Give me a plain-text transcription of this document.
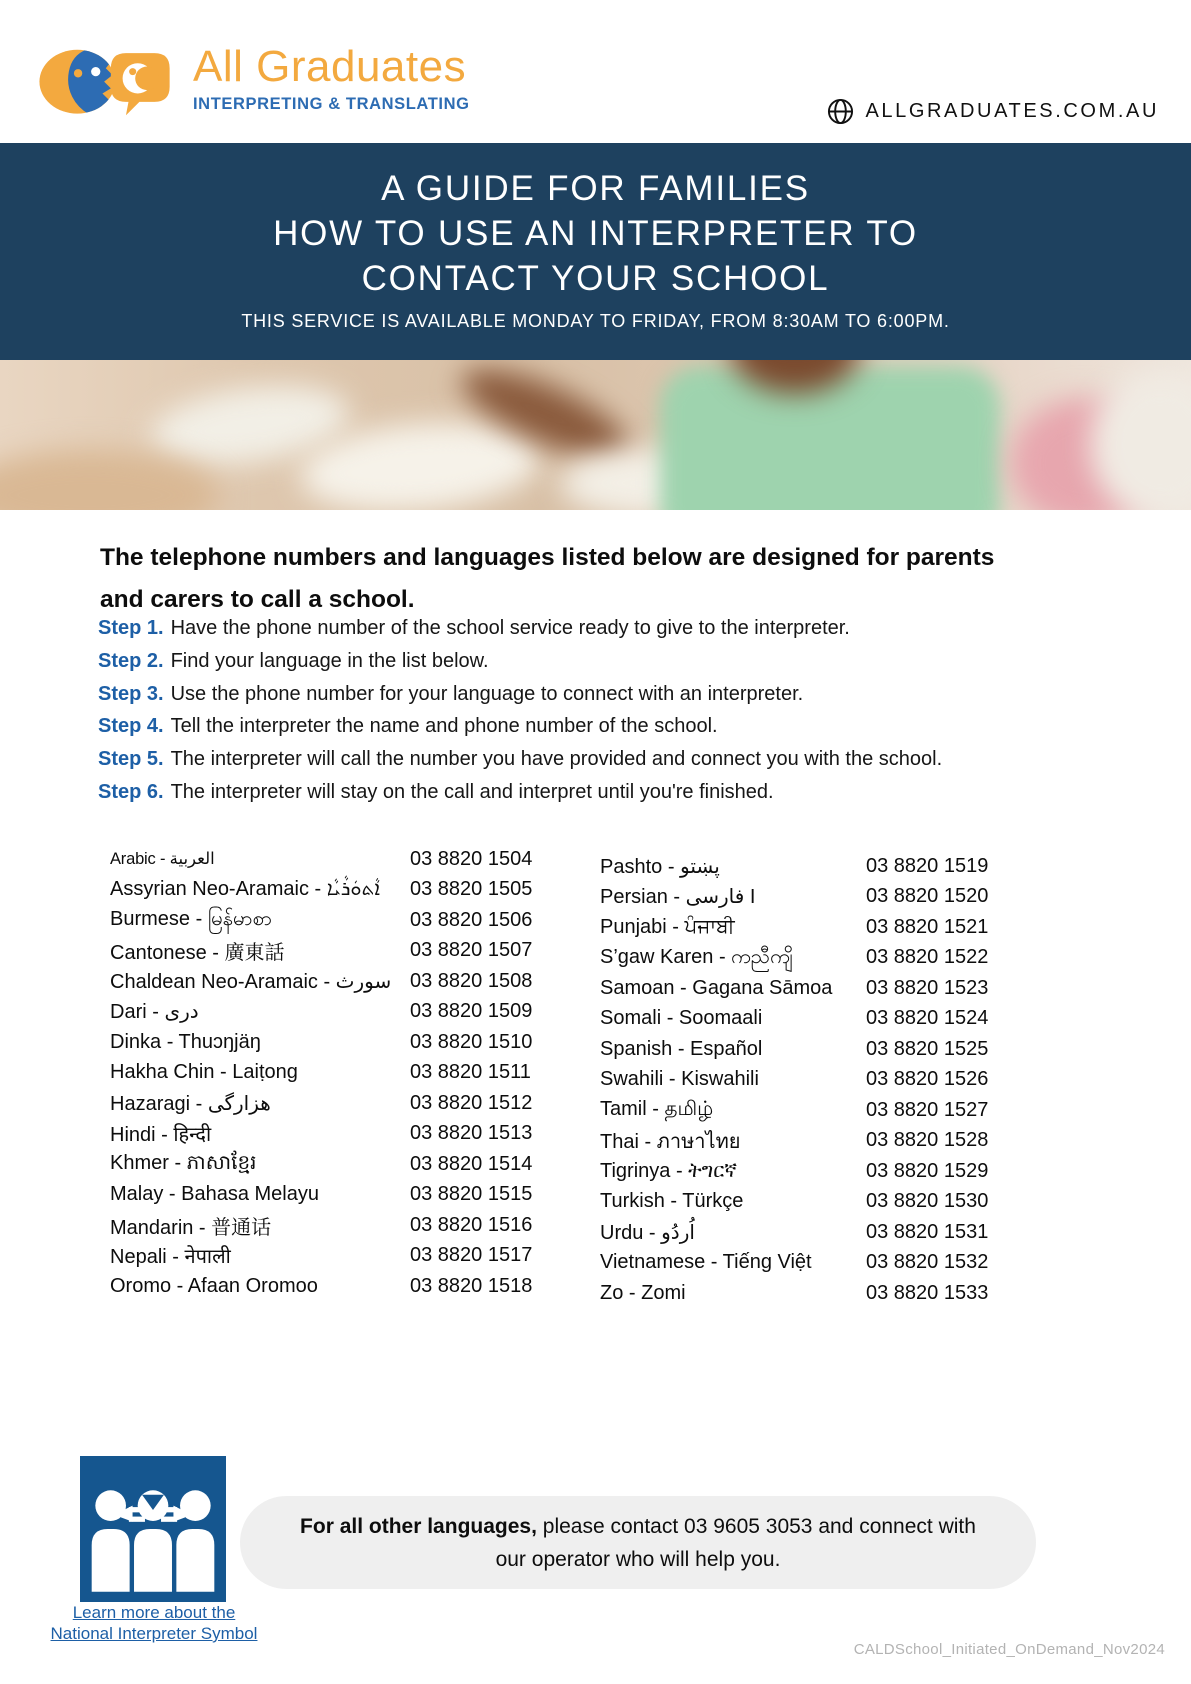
All Graduates
INTERPRETING & TRANSLATING	ALLGRADUATES.COM.AU
A GUIDE FOR FAMILIES
HOW TO USE AN INTERPRETER TO
CONTACT YOUR SCHOOL
THIS SERVICE IS AVAILABLE MONDAY TO FRIDAY, FROM 8:30AM TO 6:00PM.

The telephone numbers and languages listed below are designed for parents and carers to call a school.

Step 1. Have the phone number of the school service ready to give to the interpreter.
Step 2. Find your language in the list below.
Step 3. Use the phone number for your language to connect with an interpreter.
Step 4. Tell the interpreter the name and phone number of the school.
Step 5. The interpreter will call the number you have provided and connect you with the school.
Step 6. The interpreter will stay on the call and interpret until you're finished.
Arabic - العربية	03 8820 1504
Assyrian Neo-Aramaic - ܐܵܬܘܿܪܵܝܵܐ	03 8820 1505
Burmese - မြန်မာစာ	03 8820 1506
Cantonese - 廣東話	03 8820 1507
Chaldean Neo-Aramaic - سورث 03 8820 1508
Dari - دری	03 8820 1509
Dinka - Thuɔŋjäŋ	03 8820 1510
Hakha Chin - Laiṭong	03 8820 1511
Hazaragi - هزارگی	03 8820 1512
Hindi - हिन्दी	03 8820 1513
Khmer - ភាសាខ្មែរ	03 8820 1514
Malay - Bahasa Melayu	03 8820 1515
Mandarin - 普通话	03 8820 1516
Nepali - नेपाली	03 8820 1517
Oromo - Afaan Oromoo	03 8820 1518
Pashto - پښتو	03 8820 1519
Persian - فارسی I	03 8820 1520
Punjabi - ਪੰਜਾਬੀ	03 8820 1521
S’gaw Karen - ကညီကျိ	03 8820 1522
Samoan - Gagana Sāmoa	03 8820 1523
Somali - Soomaali	03 8820 1524
Spanish - Español	03 8820 1525
Swahili - Kiswahili	03 8820 1526
Tamil - தமிழ்	03 8820 1527
Thai - ภาษาไทย	03 8820 1528
Tigrinya - ትግርኛ	03 8820 1529
Turkish - Türkçe	03 8820 1530
Urdu - اُردُو	03 8820 1531
Vietnamese - Tiếng Việt	03 8820 1532
Zo - Zomi	03 8820 1533
Learn more about the
National Interpreter Symbol

For all other languages, please contact 03 9605 3053 and connect with our operator who will help you.

CALDSchool_Initiated_OnDemand_Nov2024
